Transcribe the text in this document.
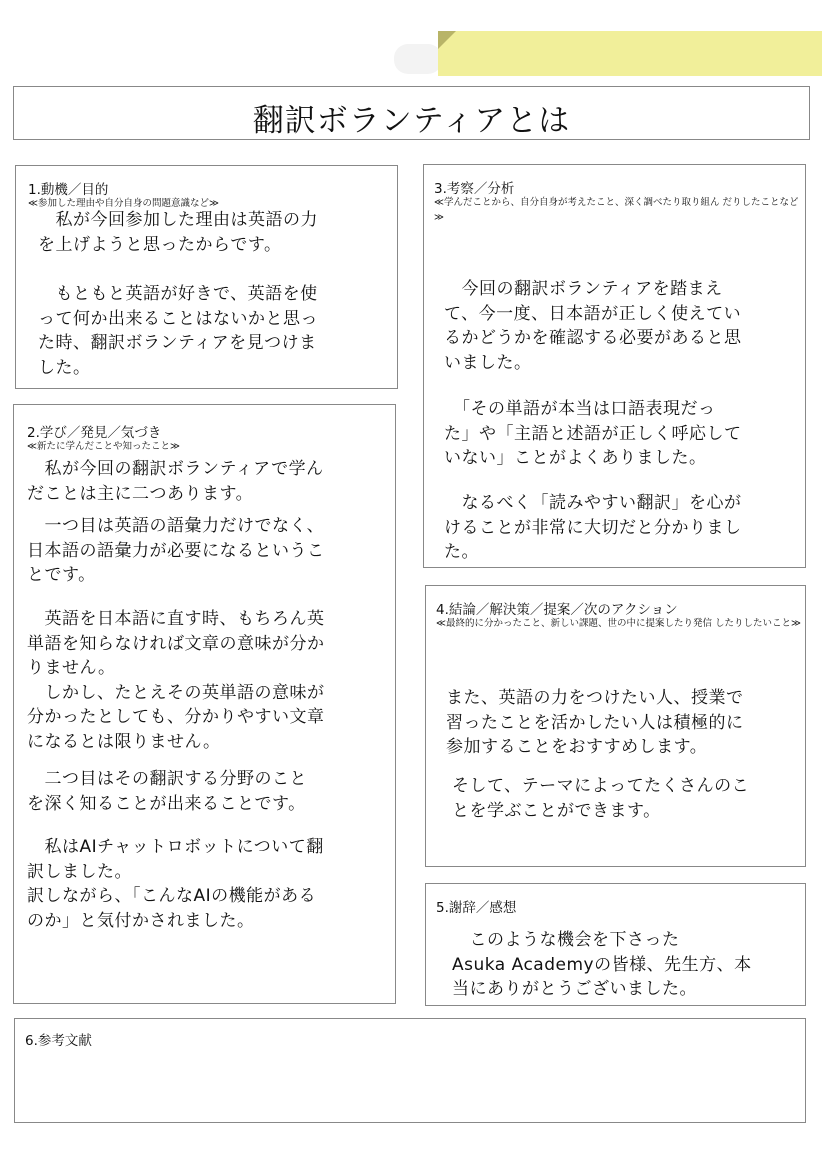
翻訳ボランティアとは
1.動機／目的
≪参加した理由や自分自身の問題意識など≫
　私が今回参加した理由は英語の力
を上げようと思ったからです。
　もともと英語が好きで、英語を使
って何か出来ることはないかと思っ
た時、翻訳ボランティアを見つけま
した。
2.学び／発見／気づき
≪新たに学んだことや知ったこと≫
　私が今回の翻訳ボランティアで学ん
だことは主に二つあります。
　一つ目は英語の語彙力だけでなく、
日本語の語彙力が必要になるというこ
とです。
　英語を日本語に直す時、もちろん英
単語を知らなければ文章の意味が分か
りません。
　しかし、たとえその英単語の意味が
分かったとしても、分かりやすい文章
になるとは限りません。
　二つ目はその翻訳する分野のこと
を深く知ることが出来ることです。
　私はAIチャットロボットについて翻
訳しました。
訳しながら、「こんなAIの機能がある
のか」と気付かされました。
3.考察／分析
≪学んだことから、自分自身が考えたこと、深く調べたり取り組ん だりしたことなど≫
　今回の翻訳ボランティアを踏まえ
て、今一度、日本語が正しく使えてい
るかどうかを確認する必要があると思
いました。
　「その単語が本当は口語表現だっ
た」や「主語と述語が正しく呼応して
いない」ことがよくありました。
　なるべく「読みやすい翻訳」を心が
けることが非常に大切だと分かりまし
た。
4.結論／解決策／提案／次のアクション
≪最終的に分かったこと、新しい課題、世の中に提案したり発信 したりしたいこと≫
また、英語の力をつけたい人、授業で
習ったことを活かしたい人は積極的に
参加することをおすすめします。
そして、テーマによってたくさんのこ
とを学ぶことができます。
5.謝辞／感想
　このような機会を下さった
Asuka Academyの皆様、先生方、本
当にありがとうございました。
6.参考文献
